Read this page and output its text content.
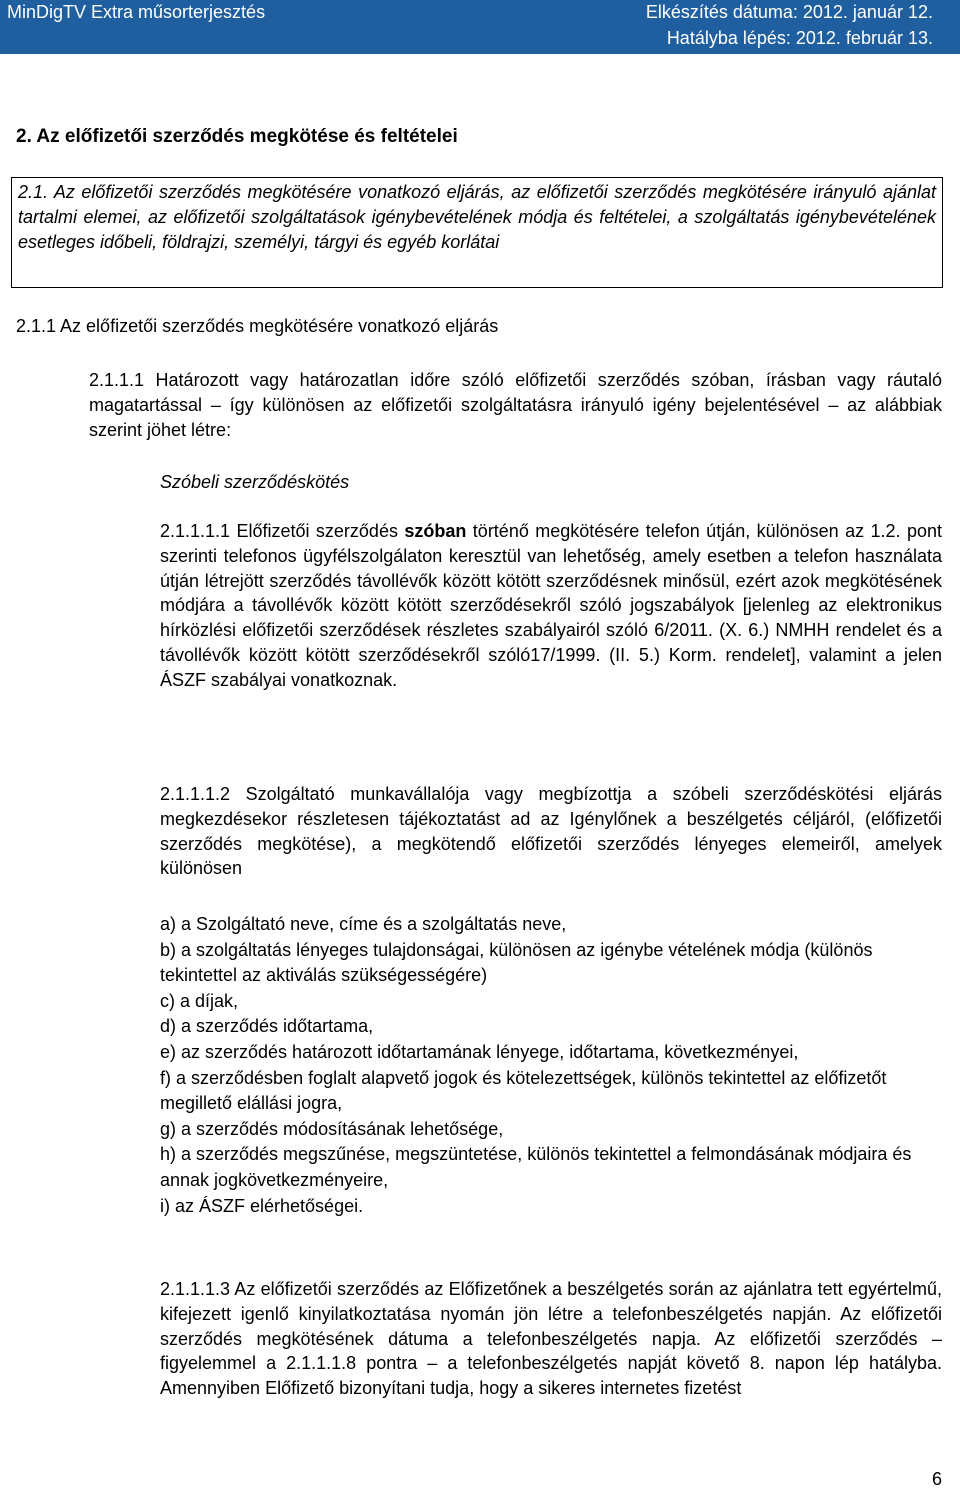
MinDigTV Extra műsorterjesztés	Elkészítés dátuma: 2012. január 12.
Hatályba lépés: 2012. február 13.
2. Az előfizetői szerződés megkötése és feltételei

2.1. Az előfizetői szerződés megkötésére vonatkozó eljárás, az előfizetői szerződés megkötésére irányuló ajánlat tartalmi elemei, az előfizetői szolgáltatások igénybevételének módja és feltételei, a szolgáltatás igénybevételének esetleges időbeli, földrajzi, személyi, tárgyi és egyéb korlátai

2.1.1 Az előfizetői szerződés megkötésére vonatkozó eljárás

2.1.1.1 Határozott vagy határozatlan időre szóló előfizetői szerződés szóban, írásban vagy ráutaló magatartással – így különösen az előfizetői szolgáltatásra irányuló igény bejelentésével – az alábbiak szerint jöhet létre:

Szóbeli szerződéskötés

2.1.1.1.1 Előfizetői szerződés szóban történő megkötésére telefon útján, különösen az 1.2. pont szerinti telefonos ügyfélszolgálaton keresztül van lehetőség, amely esetben a telefon használata útján létrejött szerződés távollévők között kötött szerződésnek minősül, ezért azok megkötésének módjára a távollévők között kötött szerződésekről szóló jogszabályok [jelenleg az elektronikus hírközlési előfizetői szerződések részletes szabályairól szóló 6/2011. (X. 6.) NMHH rendelet és a távollévők között kötött szerződésekről szóló17/1999. (II. 5.) Korm. rendelet], valamint a jelen ÁSZF szabályai vonatkoznak.

2.1.1.1.2 Szolgáltató munkavállalója vagy megbízottja a szóbeli szerződéskötési eljárás megkezdésekor részletesen tájékoztatást ad az Igénylőnek a beszélgetés céljáról, (előfizetői szerződés megkötése), a megkötendő előfizetői szerződés lényeges elemeiről, amelyek különösen

a) a Szolgáltató neve, címe és a szolgáltatás neve,
b) a szolgáltatás lényeges tulajdonságai, különösen az igénybe vételének módja (különös tekintettel az aktiválás szükségességére)
c) a díjak,
d) a szerződés időtartama,
e) az szerződés határozott időtartamának lényege, időtartama, következményei,
f) a szerződésben foglalt alapvető jogok és kötelezettségek, különös tekintettel az előfizetőt megillető elállási jogra,
g) a szerződés módosításának lehetősége,
h) a szerződés megszűnése, megszüntetése, különös tekintettel a felmondásának módjaira és annak jogkövetkezményeire,
i) az ÁSZF elérhetőségei.

2.1.1.1.3 Az előfizetői szerződés az Előfizetőnek a beszélgetés során az ajánlatra tett egyértelmű, kifejezett igenlő kinyilatkoztatása nyomán jön létre a telefonbeszélgetés napján. Az előfizetői szerződés megkötésének dátuma a telefonbeszélgetés napja. Az előfizetői szerződés – figyelemmel a 2.1.1.1.8 pontra – a telefonbeszélgetés napját követő 8. napon lép hatályba. Amennyiben Előfizető bizonyítani tudja, hogy a sikeres internetes fizetést

6
